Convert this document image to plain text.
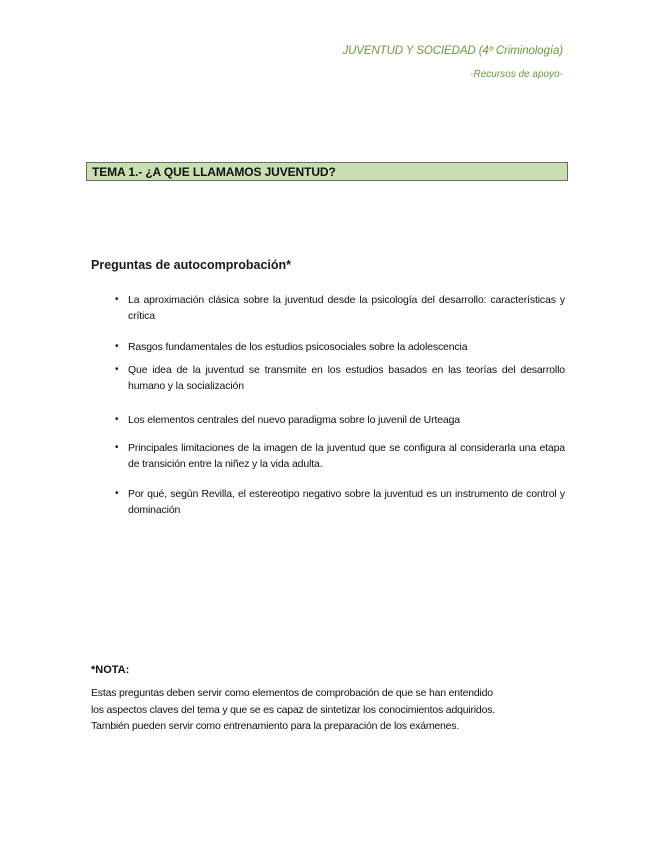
JUVENTUD Y SOCIEDAD (4º Criminología)
-Recursos de apoyo-
TEMA 1.- ¿A QUE LLAMAMOS JUVENTUD?
Preguntas de autocomprobación*
• La aproximación clásica sobre la juventud desde la psicología del desarrollo: características y crítica
• Rasgos fundamentales de los estudios psicosociales sobre la adolescencia
• Que idea de la juventud se transmite en los estudios basados en las teorías del desarrollo humano y la socialización
• Los elementos centrales del nuevo paradigma sobre lo juvenil de Urteaga
• Principales limitaciones de la imagen de la juventud que se configura al considerarla una etapa de transición entre la niñez y la vida adulta.
• Por qué, según Revilla, el estereotipo negativo sobre la juventud es un instrumento de control y dominación
*NOTA:
Estas preguntas deben servir como elementos de comprobación de que se han entendido
los aspectos claves del tema y que se es capaz de sintetizar los conocimientos adquiridos.
También pueden servir como entrenamiento para la preparación de los exámenes.
